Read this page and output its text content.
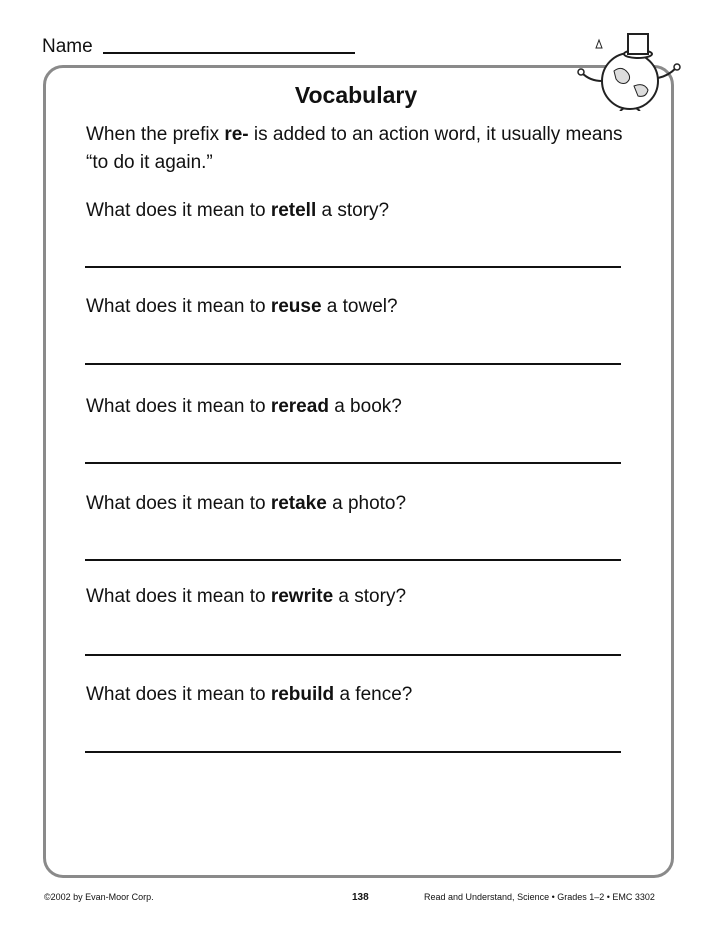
Name
Vocabulary
When the prefix re- is added to an action word, it usually means “to do it again.”
What does it mean to retell a story?
What does it mean to reuse a towel?
What does it mean to reread a book?
What does it mean to retake a photo?
What does it mean to rewrite a story?
What does it mean to rebuild a fence?
©2002 by Evan-Moor Corp.	138	Read and Understand, Science • Grades 1–2 • EMC 3302
